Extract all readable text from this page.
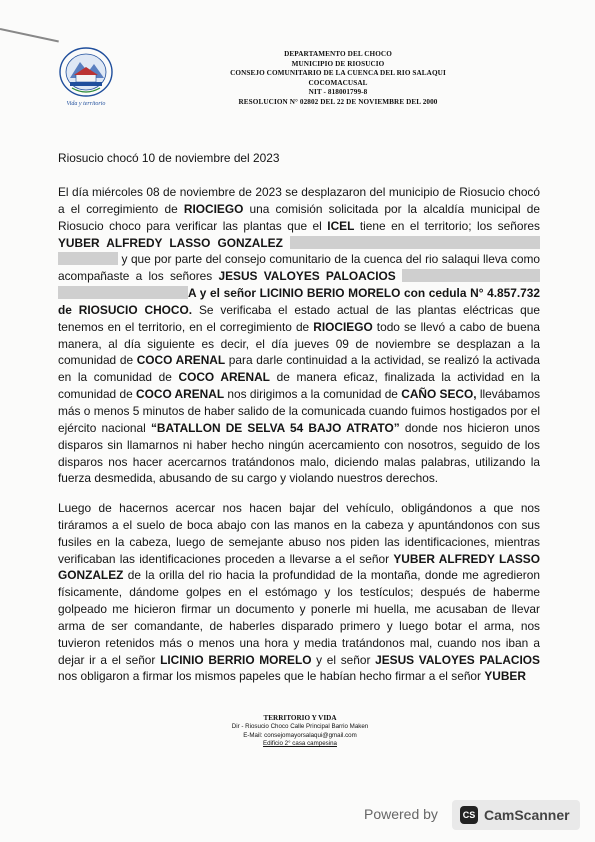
Vida y territorio
DEPARTAMENTO DEL CHOCO
MUNICIPIO DE RIOSUCIO
CONSEJO COMUNITARIO DE LA CUENCA DEL RIO SALAQUI
COCOMACUSAL
NIT - 818001799-8
RESOLUCION N° 02802 DEL 22 DE NOVIEMBRE DEL 2000
Riosucio chocó 10 de noviembre del 2023

El día miércoles 08 de noviembre de 2023 se desplazaron del municipio de Riosucio chocó a el corregimiento de RIOCIEGO una comisión solicitada por la alcaldía municipal de Riosucio choco para verificar las plantas que el ICEL tiene en el territorio; los señores YUBER ALFREDY LASSO GONZALEZ   y que por parte del consejo comunitario de la cuenca del rio salaqui lleva como acompañaste a los señores JESUS VALOYES PALOACIOS  A y el señor LICINIO BERIO MORELO con cedula N° 4.857.732 de RIOSUCIO CHOCO. Se verificaba el estado actual de las plantas eléctricas que tenemos en el territorio, en el corregimiento de RIOCIEGO todo se llevó a cabo de buena manera, al día siguiente es decir, el día jueves 09 de noviembre se desplazan a la comunidad de COCO ARENAL para darle continuidad a la actividad, se realizó la activada en la comunidad de COCO ARENAL de manera eficaz, finalizada la actividad en la comunidad de COCO ARENAL nos dirigimos a la comunidad de CAÑO SECO, llevábamos más o menos 5 minutos de haber salido de la comunicada cuando fuimos hostigados por el ejército nacional “BATALLON DE SELVA 54 BAJO ATRATO” donde nos hicieron unos disparos sin llamarnos ni haber hecho ningún acercamiento con nosotros, seguido de los disparos nos hacer acercarnos tratándonos malo, diciendo malas palabras, utilizando la fuerza desmedida, abusando de su cargo y violando nuestros derechos.

Luego de hacernos acercar nos hacen bajar del vehículo, obligándonos a que nos tiráramos a el suelo de boca abajo con las manos en la cabeza y apuntándonos con sus fusiles en la cabeza, luego de semejante abuso nos piden las identificaciones, mientras verificaban las identificaciones proceden a llevarse a el señor YUBER ALFREDY LASSO GONZALEZ de la orilla del rio hacia la profundidad de la montaña, donde me agredieron físicamente, dándome golpes en el estómago y los testículos; después de haberme golpeado me hicieron firmar un documento y ponerle mi huella, me acusaban de llevar arma de ser comandante, de haberles disparado primero y luego botar el arma, nos tuvieron retenidos más o menos una hora y media tratándonos mal, cuando nos iban a dejar ir a el señor LICINIO BERRIO MORELO y el señor JESUS VALOYES PALACIOS nos obligaron a firmar los mismos papeles que le habían hecho firmar a el señor YUBER

TERRITORIO Y VIDA
Dir - Riosucio Choco Calle Principal Barrio Maken
E-Mail: consejomayorsalaqui@gmail.com
Edificio 2° casa campesina
Powered by	CS CamScanner
